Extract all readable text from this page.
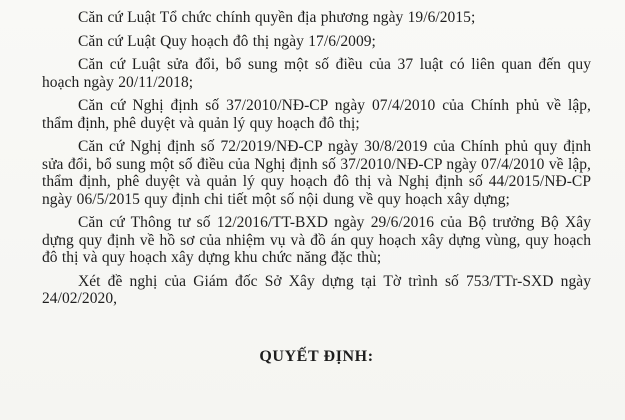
Căn cứ Luật Tổ chức chính quyền địa phương ngày 19/6/2015;

Căn cứ Luật Quy hoạch đô thị ngày 17/6/2009;

Căn cứ Luật sửa đổi, bổ sung một số điều của 37 luật có liên quan đến quy hoạch ngày 20/11/2018;

Căn cứ Nghị định số 37/2010/NĐ-CP ngày 07/4/2010 của Chính phủ về lập, thẩm định, phê duyệt và quản lý quy hoạch đô thị;

Căn cứ Nghị định số 72/2019/NĐ-CP ngày 30/8/2019 của Chính phủ quy định sửa đổi, bổ sung một số điều của Nghị định số 37/2010/NĐ-CP ngày 07/4/2010 về lập, thẩm định, phê duyệt và quản lý quy hoạch đô thị và Nghị định số 44/2015/NĐ-CP ngày 06/5/2015 quy định chi tiết một số nội dung về quy hoạch xây dựng;

Căn cứ Thông tư số 12/2016/TT-BXD ngày 29/6/2016 của Bộ trưởng Bộ Xây dựng quy định về hồ sơ của nhiệm vụ và đồ án quy hoạch xây dựng vùng, quy hoạch đô thị và quy hoạch xây dựng khu chức năng đặc thù;

Xét đề nghị của Giám đốc Sở Xây dựng tại Tờ trình số 753/TTr-SXD ngày 24/02/2020,

QUYẾT ĐỊNH:
